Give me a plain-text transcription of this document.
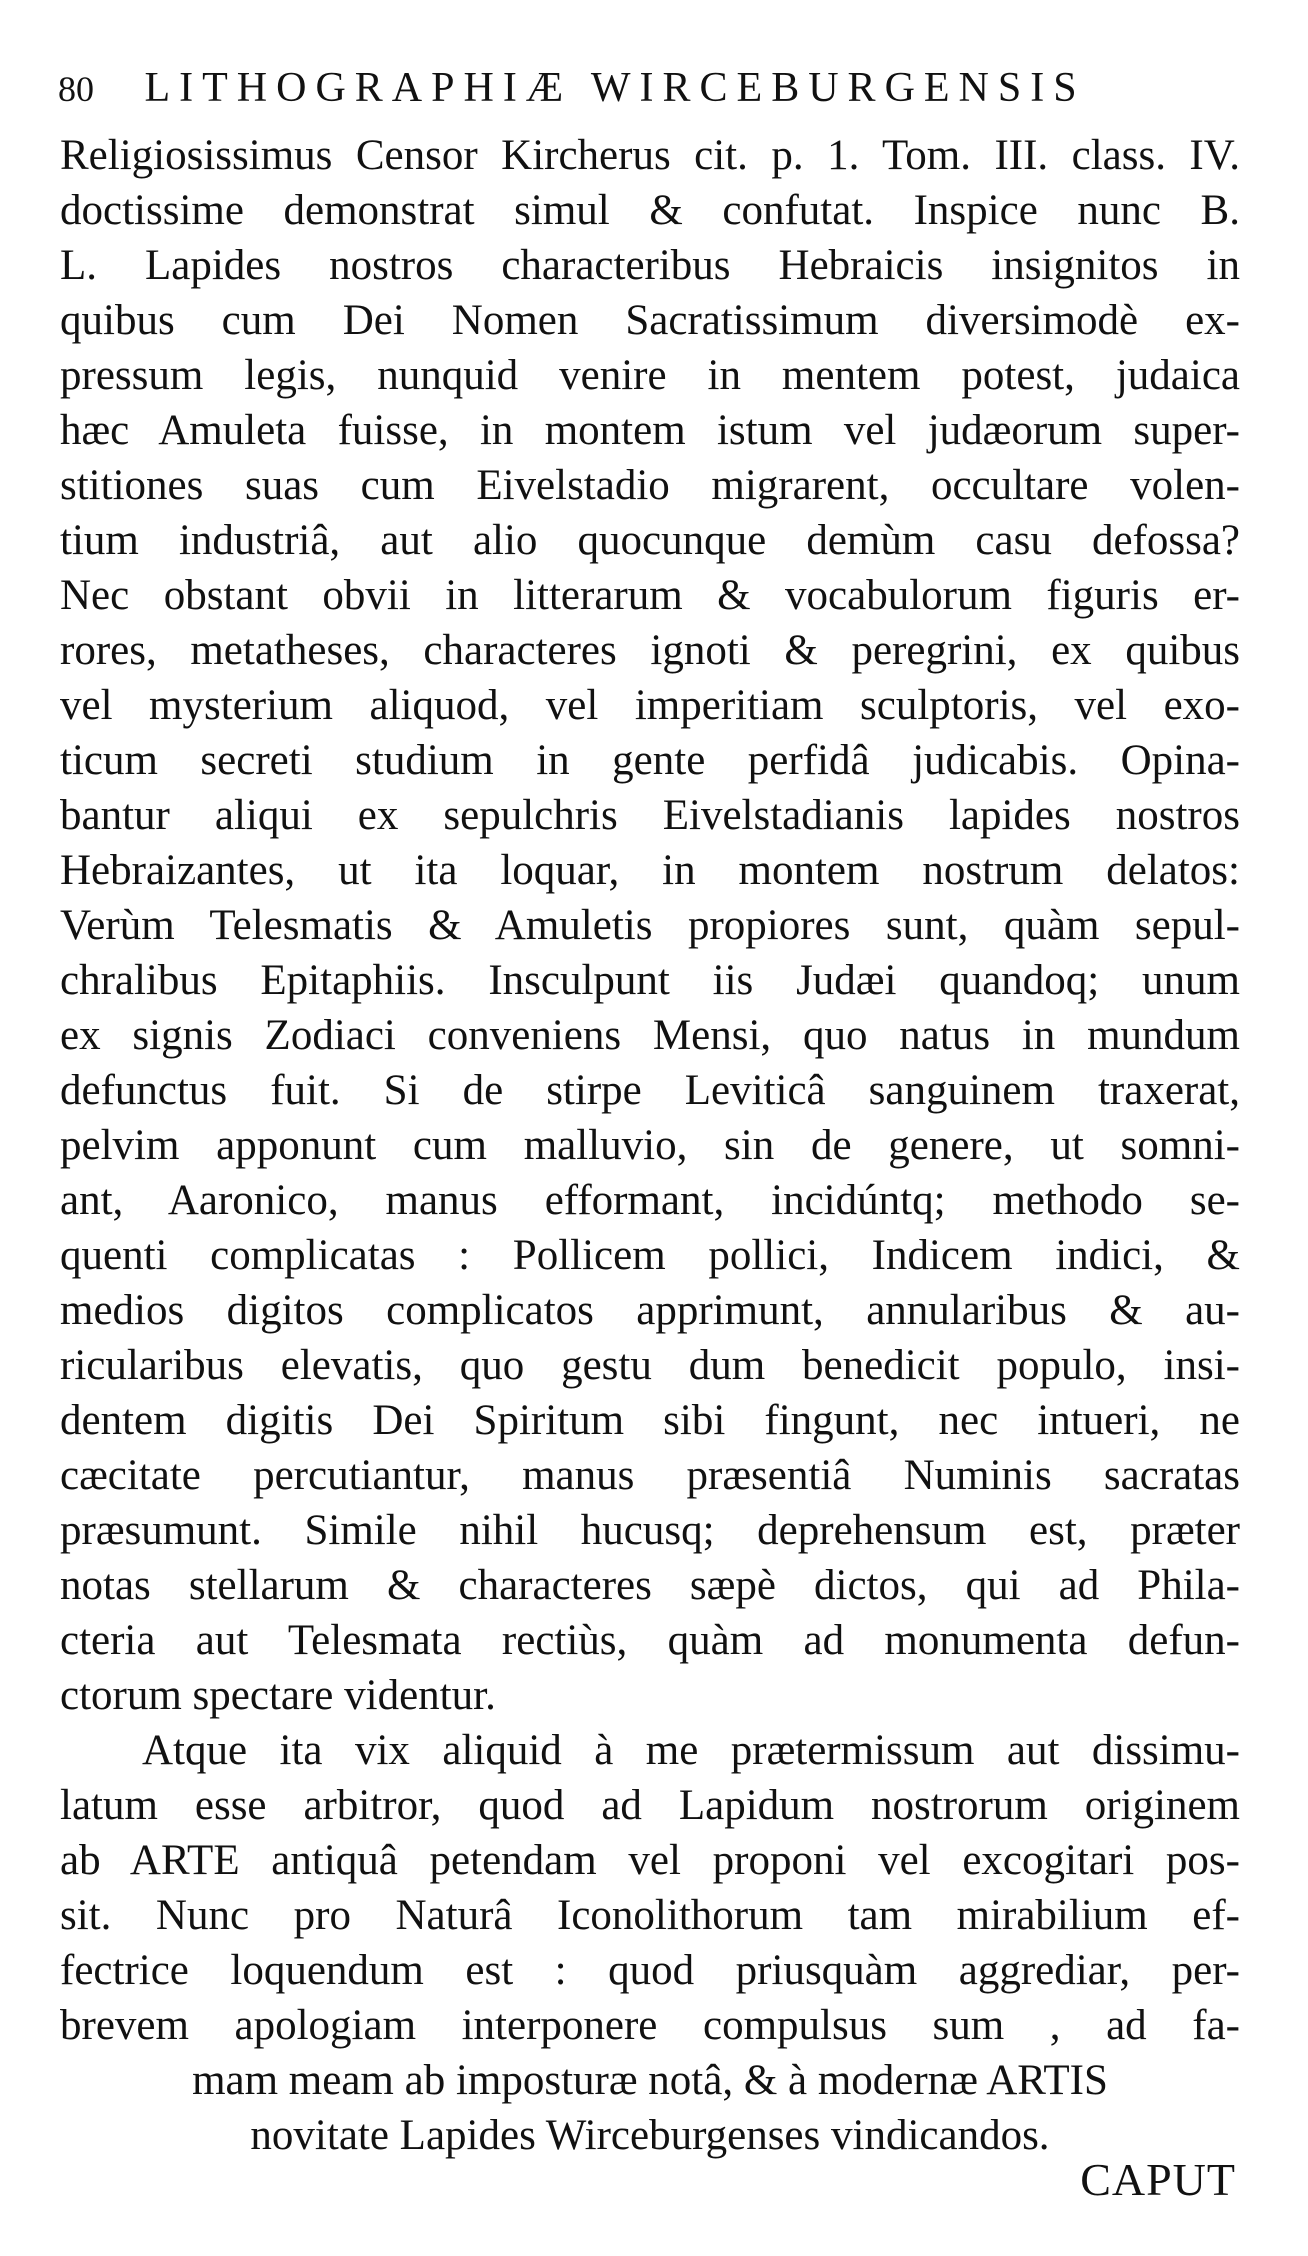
80 LITHOGRAPHIÆ WIRCEBURGENSIS
Religiosissimus Censor Kircherus cit. p. 1. Tom. III. class. IV.
doctissime demonstrat simul & confutat. Inspice nunc B.
L. Lapides nostros characteribus Hebraicis insignitos in
quibus cum Dei Nomen Sacratissimum diversimodè ex-
pressum legis, nunquid venire in mentem potest, judaica
hæc Amuleta fuisse, in montem istum vel judæorum super-
stitiones suas cum Eivelstadio migrarent, occultare volen-
tium industriâ, aut alio quocunque demùm casu defossa?
Nec obstant obvii in litterarum & vocabulorum figuris er-
rores, metatheses, characteres ignoti & peregrini, ex quibus
vel mysterium aliquod, vel imperitiam sculptoris, vel exo-
ticum secreti studium in gente perfidâ judicabis. Opina-
bantur aliqui ex sepulchris Eivelstadianis lapides nostros
Hebraizantes, ut ita loquar, in montem nostrum delatos:
Verùm Telesmatis & Amuletis propiores sunt, quàm sepul-
chralibus Epitaphiis. Insculpunt iis Judæi quandoq; unum
ex signis Zodiaci conveniens Mensi, quo natus in mundum
defunctus fuit. Si de stirpe Leviticâ sanguinem traxerat,
pelvim apponunt cum malluvio, sin de genere, ut somni-
ant, Aaronico, manus efformant, incidúntq; methodo se-
quenti complicatas : Pollicem pollici, Indicem indici, &
medios digitos complicatos apprimunt, annularibus & au-
ricularibus elevatis, quo gestu dum benedicit populo, insi-
dentem digitis Dei Spiritum sibi fingunt, nec intueri, ne
cæcitate percutiantur, manus præsentiâ Numinis sacratas
præsumunt. Simile nihil hucusq; deprehensum est, præter
notas stellarum & characteres sæpè dictos, qui ad Phila-
cteria aut Telesmata rectiùs, quàm ad monumenta defun-
ctorum spectare videntur.
Atque ita vix aliquid à me prætermissum aut dissimu-
latum esse arbitror, quod ad Lapidum nostrorum originem
ab ARTE antiquâ petendam vel proponi vel excogitari pos-
sit. Nunc pro Naturâ Iconolithorum tam mirabilium ef-
fectrice loquendum est : quod priusquàm aggrediar, per-
brevem apologiam interponere compulsus sum , ad fa-
mam meam ab imposturæ notâ, & à modernæ ARTIS
novitate Lapides Wirceburgenses vindicandos.
CAPUT
